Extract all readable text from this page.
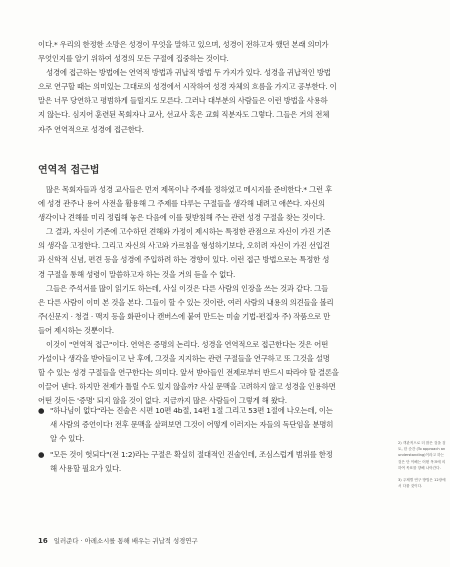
이다.* 우리의 한정한 소망은 성경이 무엇을 말하고 있으며, 성경이 전하고자 했던 본래 의미가
무엇인지를 알기 위하여 성경의 모든 구절에 집중하는 것이다.
성경에 접근하는 방법에는 연역적 방법과 귀납적 방법 두 가지가 있다. 성경을 귀납적인 방법
으로 연구할 때는 의미있는 그대로의 성경에서 시작하여 성경 자체의 흐름을 가지고 공부한다. 이
말은 너무 당연하고 평범하게 들릴지도 모른다. 그러나 대부분의 사람들은 이런 방법을 사용하
지 않는다. 심지어 훈련된 목회자나 교사, 선교사 혹은 교회 직분자도 그렇다. 그들은 거의 전체
자주 연역적으로 성경에 접근한다.
연역적 접근법
많은 목회자들과 성경 교사들은 먼저 제목이나 주제를 정하였고 메시지를 준비한다.* 그런 후
에 성경 관주나 용어 사전을 활용해 그 주제를 다루는 구절들을 생각해 내려고 애쓴다. 자신의
생각이나 견해를 미리 정립해 놓은 다음에 이를 뒷받침해 주는 관련 성경 구절을 찾는 것이다.
그 결과, 자신이 기존에 고수하던 견해와 가정이 제시하는 특정한 관점으로 자신이 가진 기존
의 생각을 고정한다. 그리고 자신의 사고와 가르침을 형성하기보다, 오히려 자신이 가진 선입견
과 신학적 신념, 편견 등을 성경에 주입하려 하는 경향이 있다. 이런 접근 방법으로는 특정한 성
경 구절을 통해 성령이 말씀하고자 하는 것을 거의 듣을 수 없다.
그들은 주석서를 많이 읽기도 하는데, 사실 이것은 다른 사람의 인장을 쓰는 것과 같다. 그들
은 다른 사람이 이미 본 것을 본다. 그들이 할 수 있는 것이란, 여러 사람의 내용의 의견들을 볼리
주(신문지 · 청결 · 맥지 등을 화판이나 캔버스에 붙여 만드는 미술 기법-편집자 주) 작품으로 만
들어 제시하는 것뿐이다.
이것이 "연역적 접근"이다. 연역은 증명의 논리다. 성경을 연역적으로 접근한다는 것은 어떤
가설이나 생각을 받아들이고 난 후에, 그것을 지지하는 관련 구절들을 연구하고 또 그것을 설명
할 수 있는 성경 구절들을 연구한다는 의미다. 앞서 받아들인 전제로부터 반드시 따라야 할 결론을
이끌어 낸다. 하지만 전제가 틀릴 수도 있지 않을까? 사실 문맥을 고려하지 않고 성경을 인용하면
어떤 것이든 '증명' 되지 않을 것이 없다. 지금까지 많은 사람들이 그렇게 해 왔다.
● "하나님이 없다"라는 진술은 시편 10편 4b절, 14편 1절 그리고 53편 1절에 나오는데, 이는
새 사람의 증언이다! 전후 문맥을 살펴보면 그것이 어떻게 이러지는 자들의 독단임을 분명히
알 수 있다.
● "모든 것이 헛되다"(전 1:2)라는 구절은 확실히 절대적인 진술인데, 조심스럽게 범위를 한정
해 사용할 필요가 있다.

2) 객관적으로 더 많은 것을 검토, 한 순간 (To approach an understanding)이라고 하는 것은 단 이해는 어떤 목표에 의하여 목표를 향해 나아간다.

3) 주제별 연구 방법은 12장에서 다룰 것이다.

16 일러준다 · 아레소시를 통해 배우는 귀납적 성경연구
